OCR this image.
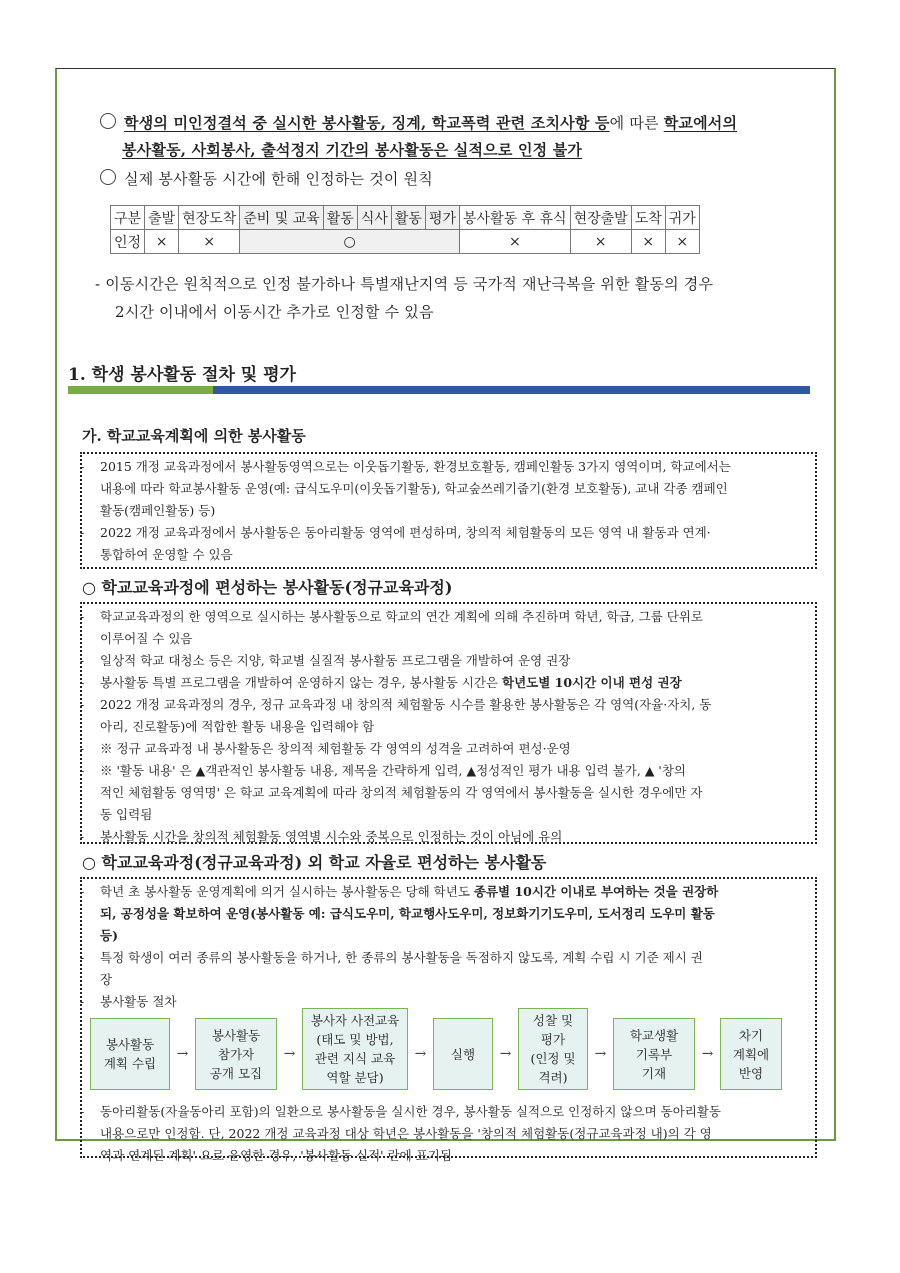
학생의 미인정결석 중 실시한 봉사활동, 징계, 학교폭력 관련 조치사항 등에 따른 학교에서의
봉사활동, 사회봉사, 출석정지 기간의 봉사활동은 실적으로 인정 불가
실제 봉사활동 시간에 한해 인정하는 것이 원칙
구분	출발	현장도착	준비 및 교육	활동	식사	활동	평가	봉사활동 후 휴식	현장출발	도착	귀가
인정	×	×	○					×	×	×	×
- 이동시간은 원칙적으로 인정 불가하나 특별재난지역 등 국가적 재난극복을 위한 활동의 경우
2시간 이내에서 이동시간 추가로 인정할 수 있음
1. 학생 봉사활동 절차 및 평가
가. 학교교육계획에 의한 봉사활동
-	2015 개정 교육과정에서 봉사활동영역으로는 이웃돕기활동, 환경보호활동, 캠페인활동 3가지 영역이며, 학교에서는
내용에 따라 학교봉사활동 운영(예: 급식도우미(이웃돕기활동), 학교숲쓰레기줍기(환경 보호활동), 교내 각종 캠페인
활동(캠페인활동) 등)
-	2022 개정 교육과정에서 봉사활동은 동아리활동 영역에 편성하며, 창의적 체험활동의 모든 영역 내 활동과 연계·
통합하여 운영할 수 있음
○ 학교교육과정에 편성하는 봉사활동(정규교육과정)
-	학교교육과정의 한 영역으로 실시하는 봉사활동으로 학교의 연간 계획에 의해 추진하며 학년, 학급, 그룹 단위로
이루어질 수 있음
-	일상적 학교 대청소 등은 지양, 학교별 실질적 봉사활동 프로그램을 개발하여 운영 권장
-	봉사활동 특별 프로그램을 개발하여 운영하지 않는 경우, 봉사활동 시간은 학년도별 10시간 이내 편성 권장
-	2022 개정 교육과정의 경우, 정규 교육과정 내 창의적 체험활동 시수를 활용한 봉사활동은 각 영역(자율·자치, 동
아리, 진로활동)에 적합한 활동 내용을 입력해야 함
-	※ 정규 교육과정 내 봉사활동은 창의적 체험활동 각 영역의 성격을 고려하여 편성·운영
-	※ '활동 내용' 은 ▲객관적인 봉사활동 내용, 제목을 간략하게 입력, ▲정성적인 평가 내용 입력 불가, ▲ '창의
적인 체험활동 영역명' 은 학교 교육계획에 따라 창의적 체험활동의 각 영역에서 봉사활동을 실시한 경우에만 자
동 입력됨
-	봉사활동 시간을 창의적 체험활동 영역별 시수와 중복으로 인정하는 것이 아님에 유의
○ 학교교육과정(정규교육과정) 외 학교 자율로 편성하는 봉사활동
-	학년 초 봉사활동 운영계획에 의거 실시하는 봉사활동은 당해 학년도 종류별 10시간 이내로 부여하는 것을 권장하
되, 공정성을 확보하여 운영(봉사활동 예: 급식도우미, 학교행사도우미, 정보화기기도우미, 도서정리 도우미 활동
등)
-	특정 학생이 여러 종류의 봉사활동을 하거나, 한 종류의 봉사활동을 독점하지 않도록, 계획 수립 시 기준 제시 권
장
-	봉사활동 절차
-	동아리활동(자율동아리 포함)의 일환으로 봉사활동을 실시한 경우, 봉사활동 실적으로 인정하지 않으며 동아리활동
내용으로만 인정함. 단, 2022 개정 교육과정 대상 학년은 봉사활동을 '창의적 체험활동(정규교육과정 내)의 각 영
역과 연계된 계획' 으로 운영한 경우, '봉사활동 실적' 란에 표기됨
봉사활동
계획 수립
→
봉사활동
참가자
공개 모집
→
봉사자 사전교육
(태도 및 방법,
관련 지식 교육
역할 분담)
→	실행	→
성찰 및
평가
(인정 및
격려)
→
학교생활
기록부
기재
→
차기
계획에
반영
